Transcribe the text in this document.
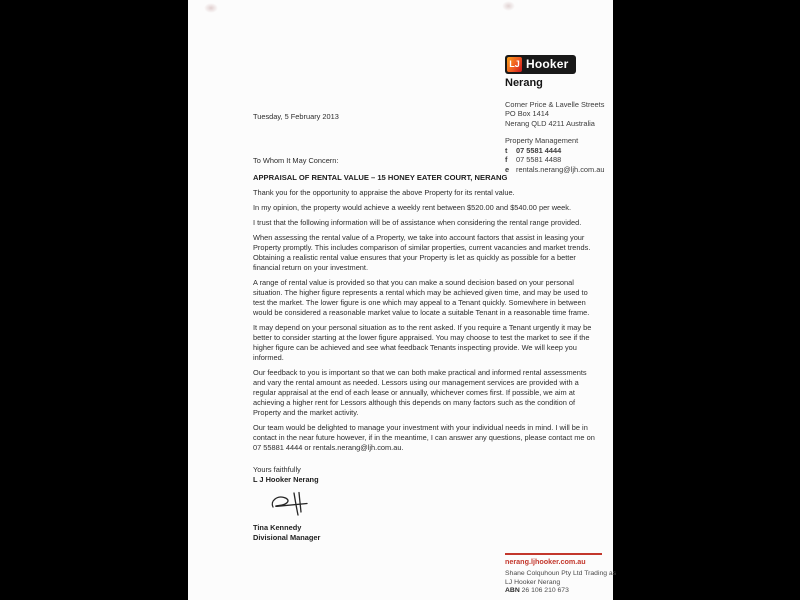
LJ Hooker
Nerang
Corner Price & Lavelle Streets
PO Box 1414
Nerang QLD 4211 Australia
Property Management
t	07 5581 4444
f	07 5581 4488
e rentals.nerang@ljh.com.au

Tuesday, 5 February 2013

To Whom It May Concern:

APPRAISAL OF RENTAL VALUE – 15 HONEY EATER COURT, NERANG

Thank you for the opportunity to appraise the above Property for its rental value.

In my opinion, the property would achieve a weekly rent between $520.00 and $540.00 per week.

I trust that the following information will be of assistance when considering the rental range provided.

When assessing the rental value of a Property, we take into account factors that assist in leasing your Property promptly. This includes comparison of similar properties, current vacancies and market trends. Obtaining a realistic rental value ensures that your Property is let as quickly as possible for a better financial return on your investment.

A range of rental value is provided so that you can make a sound decision based on your personal situation. The higher figure represents a rental which may be achieved given time, and may be used to test the market. The lower figure is one which may appeal to a Tenant quickly. Somewhere in between would be considered a reasonable market value to locate a suitable Tenant in a reasonable time frame.

It may depend on your personal situation as to the rent asked. If you require a Tenant urgently it may be better to consider starting at the lower figure appraised. You may choose to test the market to see if the higher figure can be achieved and see what feedback Tenants inspecting provide. We will keep you informed.

Our feedback to you is important so that we can both make practical and informed rental assessments and vary the rental amount as needed. Lessors using our management services are provided with a regular appraisal at the end of each lease or annually, whichever comes first. If possible, we aim at achieving a higher rent for Lessors although this depends on many factors such as the condition of Property and the market activity.

Our team would be delighted to manage your investment with your individual needs in mind. I will be in contact in the near future however, if in the meantime, I can answer any questions, please contact me on 07 55881 4444 or rentals.nerang@ljh.com.au.

Yours faithfully
L J Hooker Nerang
Tina Kennedy
Divisional Manager
nerang.ljhooker.com.au
Shane Colquhoun Pty Ltd Trading as
LJ Hooker Nerang
ABN 26 106 210 673
